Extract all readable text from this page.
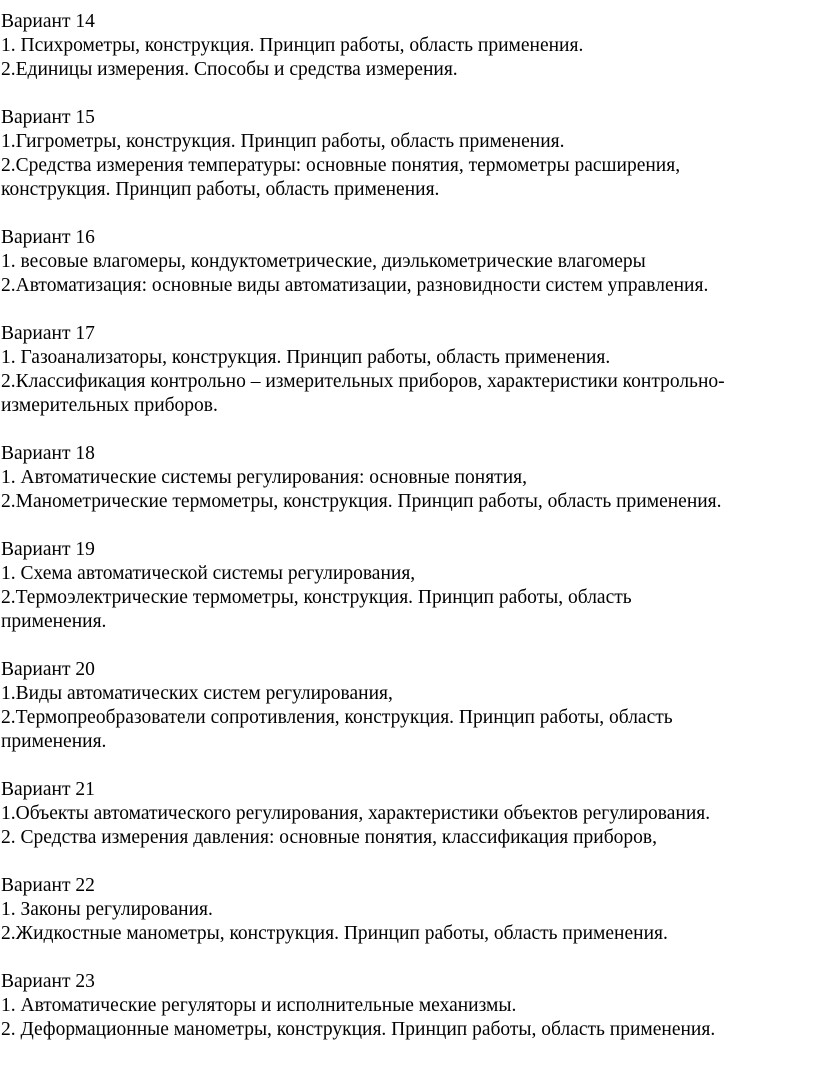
Вариант 14
1. Психрометры, конструкция. Принцип работы, область применения.
2.Единицы измерения. Способы и средства измерения.
Вариант 15
1.Гигрометры, конструкция. Принцип работы, область применения.
2.Средства измерения температуры: основные понятия, термометры расширения,
конструкция. Принцип работы, область применения.
Вариант 16
1. весовые влагомеры, кондуктометрические, диэлькометрические влагомеры
2.Автоматизация: основные виды автоматизации, разновидности систем управления.
Вариант 17
1. Газоанализаторы, конструкция. Принцип работы, область применения.
2.Классификация контрольно – измерительных приборов, характеристики контрольно-
измерительных приборов.
Вариант 18
1. Автоматические системы регулирования: основные понятия,
2.Манометрические термометры, конструкция. Принцип работы, область применения.
Вариант 19
1. Схема автоматической системы регулирования,
2.Термоэлектрические термометры, конструкция. Принцип работы, область
применения.
Вариант 20
1.Виды автоматических систем регулирования,
2.Термопреобразователи сопротивления, конструкция. Принцип работы, область
применения.
Вариант 21
1.Объекты автоматического регулирования, характеристики объектов регулирования.
2. Средства измерения давления: основные понятия, классификация приборов,
Вариант 22
1. Законы регулирования.
2.Жидкостные манометры, конструкция. Принцип работы, область применения.
Вариант 23
1. Автоматические регуляторы и исполнительные механизмы.
2. Деформационные манометры, конструкция. Принцип работы, область применения.
